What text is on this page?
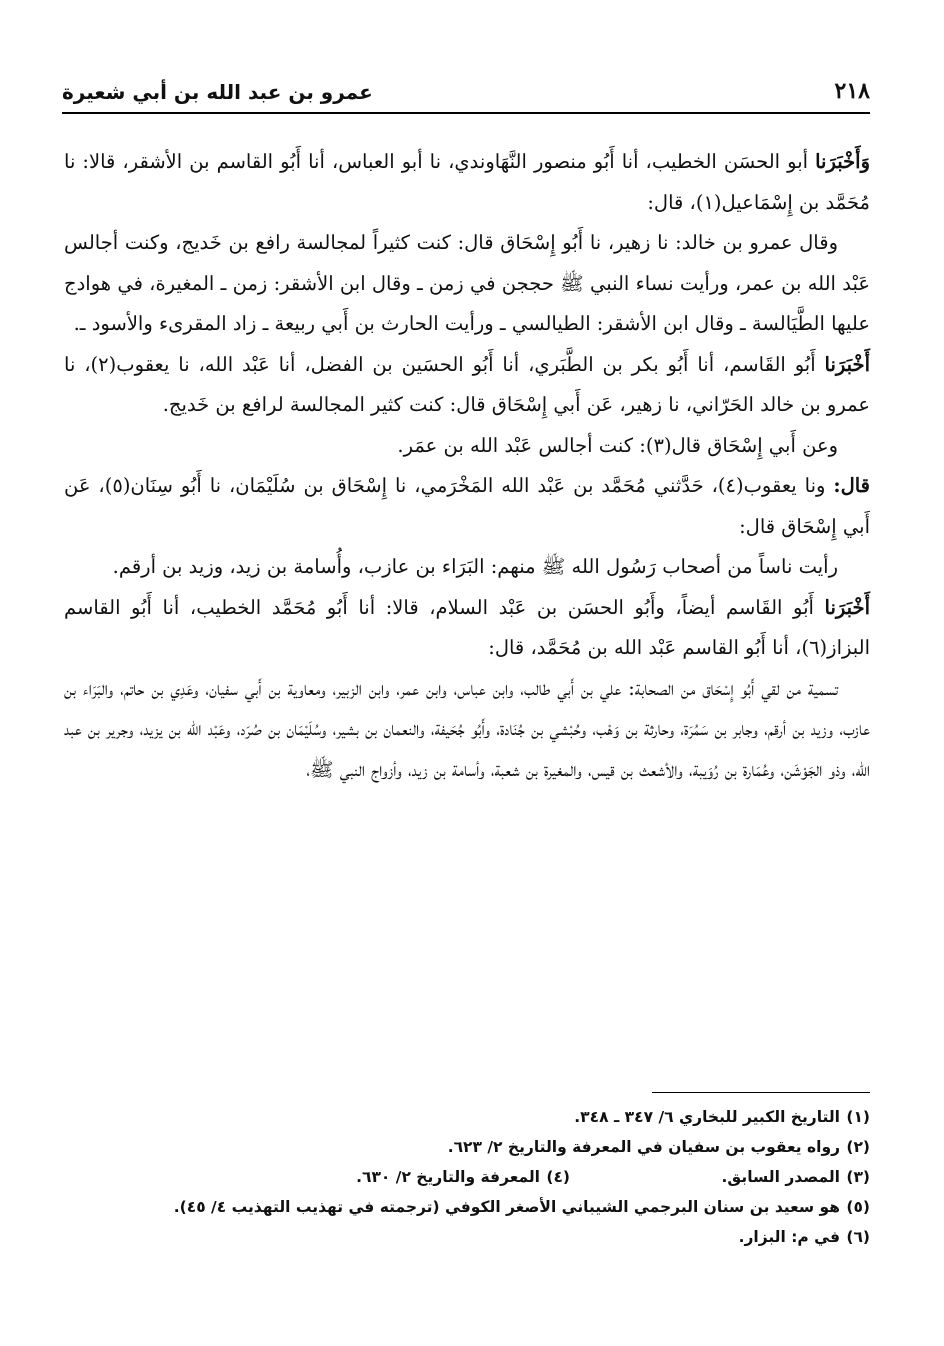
٢١٨
عمرو بن عبد الله بن أبي شعيرة

وَأَخْبَرَنا أبو الحسَن الخطيب، أنا أَبُو منصور النَّهَاوندي، نا أبو العباس، أنا أَبُو القاسم بن الأشقر، قالا: نا مُحَمَّد بن إِسْمَاعيل(١)، قال:

وقال عمرو بن خالد: نا زهير، نا أَبُو إِسْحَاق قال: كنت كثيراً لمجالسة رافع بن خَديج، وكنت أجالس عَبْد الله بن عمر، ورأيت نساء النبي ﷺ حججن في زمن ـ وقال ابن الأشقر: زمن ـ المغيرة، في هوادج عليها الطَّيَالسة ـ وقال ابن الأشقر: الطيالسي ـ ورأيت الحارث بن أَبي ربيعة ـ زاد المقرىء والأسود ـ.

أَخْبَرَنا أَبُو القَاسم، أنا أَبُو بكر بن الطَّبَري، أنا أَبُو الحسَين بن الفضل، أنا عَبْد الله، نا يعقوب(٢)، نا عمرو بن خالد الحَرّاني، نا زهير، عَن أَبي إِسْحَاق قال: كنت كثير المجالسة لرافع بن خَديج.

وعن أَبي إِسْحَاق قال(٣): كنت أجالس عَبْد الله بن عمَر.

قال: ونا يعقوب(٤)، حَدَّثني مُحَمَّد بن عَبْد الله المَخْرَمي، نا إِسْحَاق بن سُلَيْمَان، نا أَبُو سِنَان(٥)، عَن أَبي إِسْحَاق قال:

رأيت ناساً من أصحاب رَسُول الله ﷺ منهم: البَرَاء بن عازب، وأُسامة بن زيد، وزيد بن أرقم.

أَخْبَرَنا أَبُو القَاسم أيضاً، وأَبُو الحسَن بن عَبْد السلام، قالا: أنا أَبُو مُحَمَّد الخطيب، أنا أَبُو القاسم البزاز(٦)، أنا أَبُو القاسم عَبْد الله بن مُحَمَّد، قال:

تسمية من لقي أَبُو إِسْحَاق من الصحابة: علي بن أَبي طالب، وابن عباس، وابن عمر، وابن الزبير، ومعاوية بن أَبي سفيان، وعَدِي بن حاتم، والبَرَاء بن عازب، وزيد بن أرقم، وجابر بن سَمُرَة، وحارثة بن وَهْب، وحُبْشي بن جُنَادة، وأَبُو جُحَيفة، والنعمان بن بشير، وسُلَيْمَان بن صُرَد، وعَبْد الله بن يزيد، وجرير بن عبد الله، وذو الجَوْشَن، وعُمَارة بن رُوَيبة، والأشعث بن قيس، والمغيرة بن شعبة، وأسامة بن زيد، وأزواج النبي ﷺ،

(١)
التاريخ الكبير للبخاري ٦/ ٣٤٧ ـ ٣٤٨.
(٢)
رواه يعقوب بن سفيان في المعرفة والتاريخ ٢/ ٦٢٣.
(٣)
المصدر السابق.
(٤)
المعرفة والتاريخ ٢/ ٦٣٠.
(٥)
هو سعيد بن سنان البرجمي الشيباني الأصغر الكوفي (ترجمته في تهذيب التهذيب ٤/ ٤٥).
(٦)
في م: البزار.
